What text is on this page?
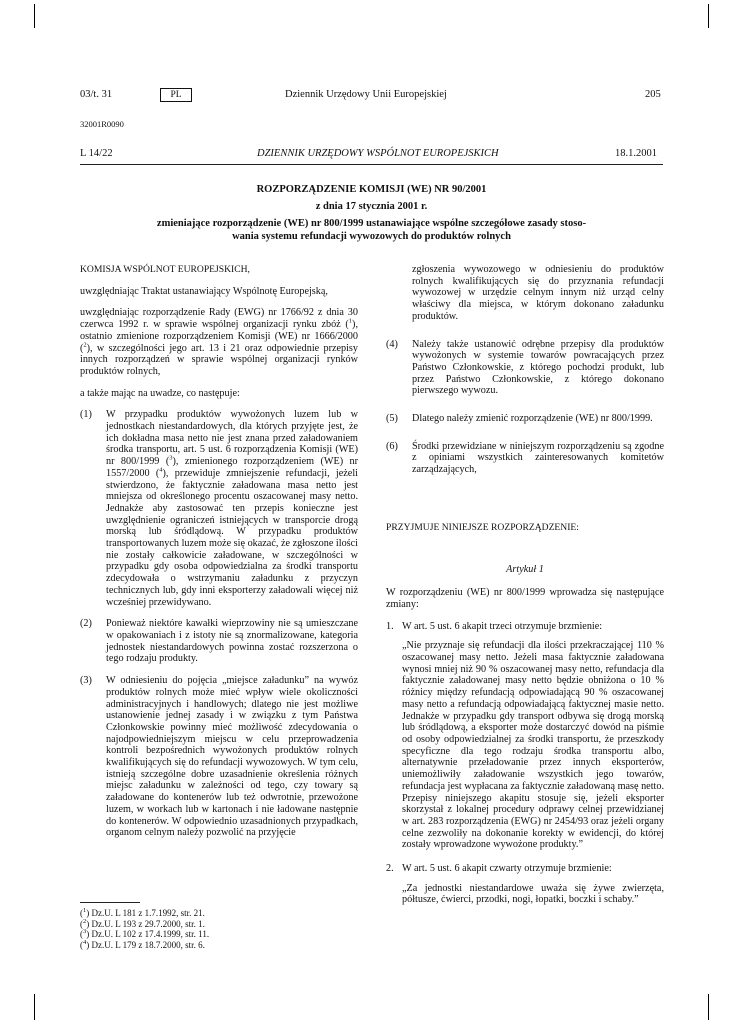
03/t. 31	PL	Dziennik Urzędowy Unii Europejskiej	205
32001R0090
L 14/22	DZIENNIK URZĘDOWY WSPÓLNOT EUROPEJSKICH	18.1.2001
ROZPORZĄDZENIE KOMISJI (WE) NR 90/2001
z dnia 17 stycznia 2001 r.
zmieniające rozporządzenie (WE) nr 800/1999 ustanawiające wspólne szczegółowe zasady stoso-
wania systemu refundacji wywozowych do produktów rolnych

KOMISJA WSPÓLNOT EUROPEJSKICH,

uwzględniając Traktat ustanawiający Wspólnotę Europejską,

uwzględniając rozporządzenie Rady (EWG) nr 1766/92 z dnia 30 czerwca 1992 r. w sprawie wspólnej organizacji rynku zbóż ($^1$), ostatnio zmienione rozporządzeniem Komisji (WE) nr 1666/2000 ($^2$), w szczególności jego art. 13 i 21 oraz odpowiednie przepisy innych rozporządzeń w sprawie wspólnej organizacji rynków produktów rolnych,

a także mając na uwadze, co następuje:

(1) W przypadku produktów wywożonych luzem lub w jednostkach niestandardowych, dla których przyjęte jest, że ich dokładna masa netto nie jest znana przed załadowaniem środka transportu, art. 5 ust. 6 rozporządzenia Komisji (WE) nr 800/1999 ($^3$), zmienionego rozporządzeniem (WE) nr 1557/2000 ($^4$), przewiduje zmniejszenie refundacji, jeżeli stwierdzono, że faktycznie załadowana masa netto jest mniejsza od określonego procentu oszacowanej masy netto. Jednakże aby zastosować ten przepis konieczne jest uwzględnienie ograniczeń istniejących w transporcie drogą morską lub śródlądową. W przypadku produktów transportowanych luzem może się okazać, że zgłoszone ilości nie zostały całkowicie załadowane, w szczególności w przypadku gdy osoba odpowiedzialna za środki transportu zdecydowała o wstrzymaniu załadunku z przyczyn technicznych lub, gdy inni eksporterzy załadowali więcej niż wcześniej przewidywano.
(2) Ponieważ niektóre kawałki wieprzowiny nie są umieszczane w opakowaniach i z istoty nie są znormalizowane, kategoria jednostek niestandardowych powinna zostać rozszerzona o tego rodzaju produkty.
(3) W odniesieniu do pojęcia „miejsce załadunku” na wywóz produktów rolnych może mieć wpływ wiele okoliczności administracyjnych i handlowych; dlatego nie jest możliwe ustanowienie jednej zasady i w związku z tym Państwa Członkowskie powinny mieć możliwość zdecydowania o najodpowiedniejszym miejscu w celu przeprowadzenia kontroli bezpośrednich wywożonych produktów rolnych kwalifikujących się do refundacji wywozowych. W tym celu, istnieją szczególne dobre uzasadnienie określenia różnych miejsc załadunku w zależności od tego, czy towary są załadowane do kontenerów lub też odwrotnie, przewożone luzem, w workach lub w kartonach i nie ładowane następnie do kontenerów. W odpowiednio uzasadnionych przypadkach, organom celnym należy pozwolić na przyjęcie
($^1$) Dz.U. L 181 z 1.7.1992, str. 21.
($^2$) Dz.U. L 193 z 29.7.2000, str. 1.
($^3$) Dz.U. L 102 z 17.4.1999, str. 11.
($^4$) Dz.U. L 179 z 18.7.2000, str. 6.

zgłoszenia wywozowego w odniesieniu do produktów rolnych kwalifikujących się do przyznania refundacji wywozowej w urzędzie celnym innym niż urząd celny właściwy dla miejsca, w którym dokonano załadunku produktów.

(4) Należy także ustanowić odrębne przepisy dla produktów wywożonych w systemie towarów powracających przez Państwo Członkowskie, z którego pochodzi produkt, lub przez Państwo Członkowskie, z którego dokonano pierwszego wywozu.
(5) Dlatego należy zmienić rozporządzenie (WE) nr 800/1999.
(6) Środki przewidziane w niniejszym rozporządzeniu są zgodne z opiniami wszystkich zainteresowanych komitetów zarządzających,

PRZYJMUJE NINIEJSZE ROZPORZĄDZENIE:

Artykuł 1

W rozporządzeniu (WE) nr 800/1999 wprowadza się następujące zmiany:

1. W art. 5 ust. 6 akapit trzeci otrzymuje brzmienie:

„Nie przyznaje się refundacji dla ilości przekraczającej 110 % oszacowanej masy netto. Jeżeli masa faktycznie załadowana wynosi mniej niż 90 % oszacowanej masy netto, refundacja dla faktycznie załadowanej masy netto będzie obniżona o 10 % różnicy między refundacją odpowiadającą 90 % oszacowanej masy netto a refundacją odpowiadającą faktycznej masie netto. Jednakże w przypadku gdy transport odbywa się drogą morską lub śródlądową, a eksporter może dostarczyć dowód na piśmie od osoby odpowiedzialnej za środki transportu, że przeszkody specyficzne dla tego rodzaju środka transportu albo, alternatywnie przeładowanie przez innych eksporterów, uniemożliwiły załadowanie wszystkich jego towarów, refundacja jest wypłacana za faktycznie załadowaną masę netto. Przepisy niniejszego akapitu stosuje się, jeżeli eksporter skorzystał z lokalnej procedury odprawy celnej przewidzianej w art. 283 rozporządzenia (EWG) nr 2454/93 oraz jeżeli organy celne zezwoliły na dokonanie korekty w ewidencji, do której zostały wprowadzone wywożone produkty.”

2. W art. 5 ust. 6 akapit czwarty otrzymuje brzmienie:

„Za jednostki niestandardowe uważa się żywe zwierzęta, półtusze, ćwierci, przodki, nogi, łopatki, boczki i schaby.”
